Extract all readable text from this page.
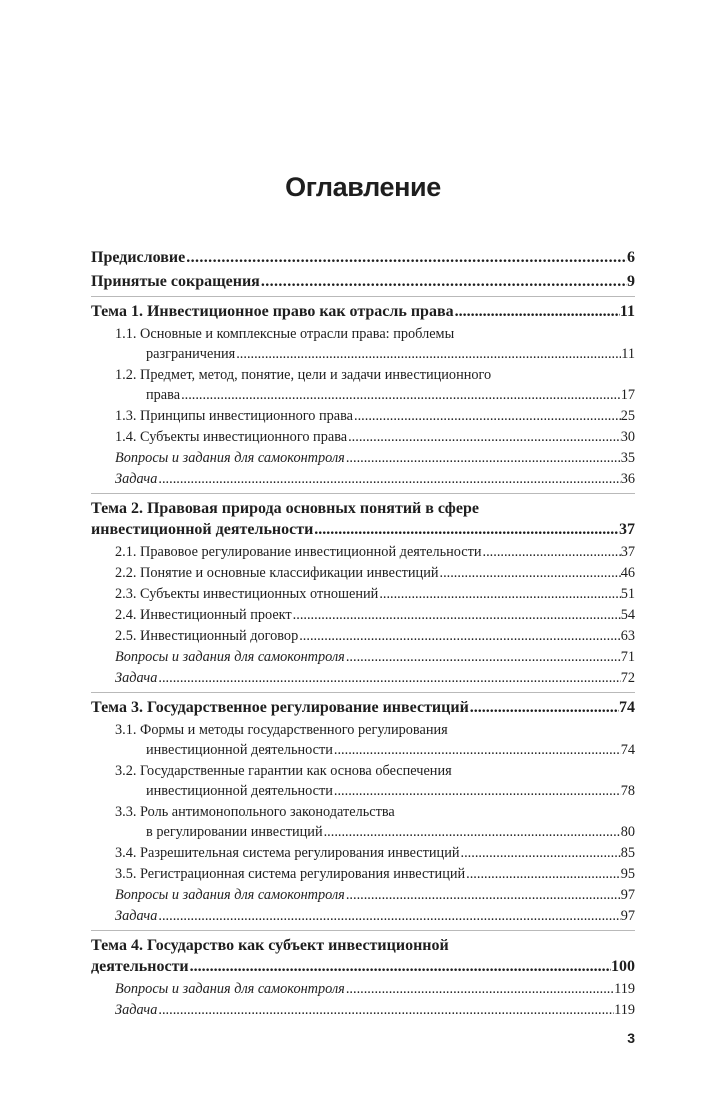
Оглавление
Предисловие .....	6
Принятые сокращения .....	9
Тема 1. Инвестиционное право как отрасль права .....	11
1.1. Основные и комплексные отрасли права: проблемы
разграничения .....	11
1.2. Предмет, метод, понятие, цели и задачи инвестиционного
права .....	17
1.3. Принципы инвестиционного права .....	25
1.4. Субъекты инвестиционного права .....	30
Вопросы и задания для самоконтроля .....	35
Задача .....	36
Тема 2. Правовая природа основных понятий в сфере
инвестиционной деятельности .....	37
2.1. Правовое регулирование инвестиционной деятельности .....	37
2.2. Понятие и основные классификации инвестиций .....	46
2.3. Субъекты инвестиционных отношений .....	51
2.4. Инвестиционный проект .....	54
2.5. Инвестиционный договор .....	63
Вопросы и задания для самоконтроля .....	71
Задача .....	72
Тема 3. Государственное регулирование инвестиций .....	74
3.1. Формы и методы государственного регулирования
инвестиционной деятельности .....	74
3.2. Государственные гарантии как основа обеспечения
инвестиционной деятельности .....	78
3.3. Роль антимонопольного законодательства
в регулировании инвестиций .....	80
3.4. Разрешительная система регулирования инвестиций .....	85
3.5. Регистрационная система регулирования инвестиций .....	95
Вопросы и задания для самоконтроля .....	97
Задача .....	97
Тема 4. Государство как субъект инвестиционной
деятельности .....	100
Вопросы и задания для самоконтроля .....	119
Задача .....	119
3
